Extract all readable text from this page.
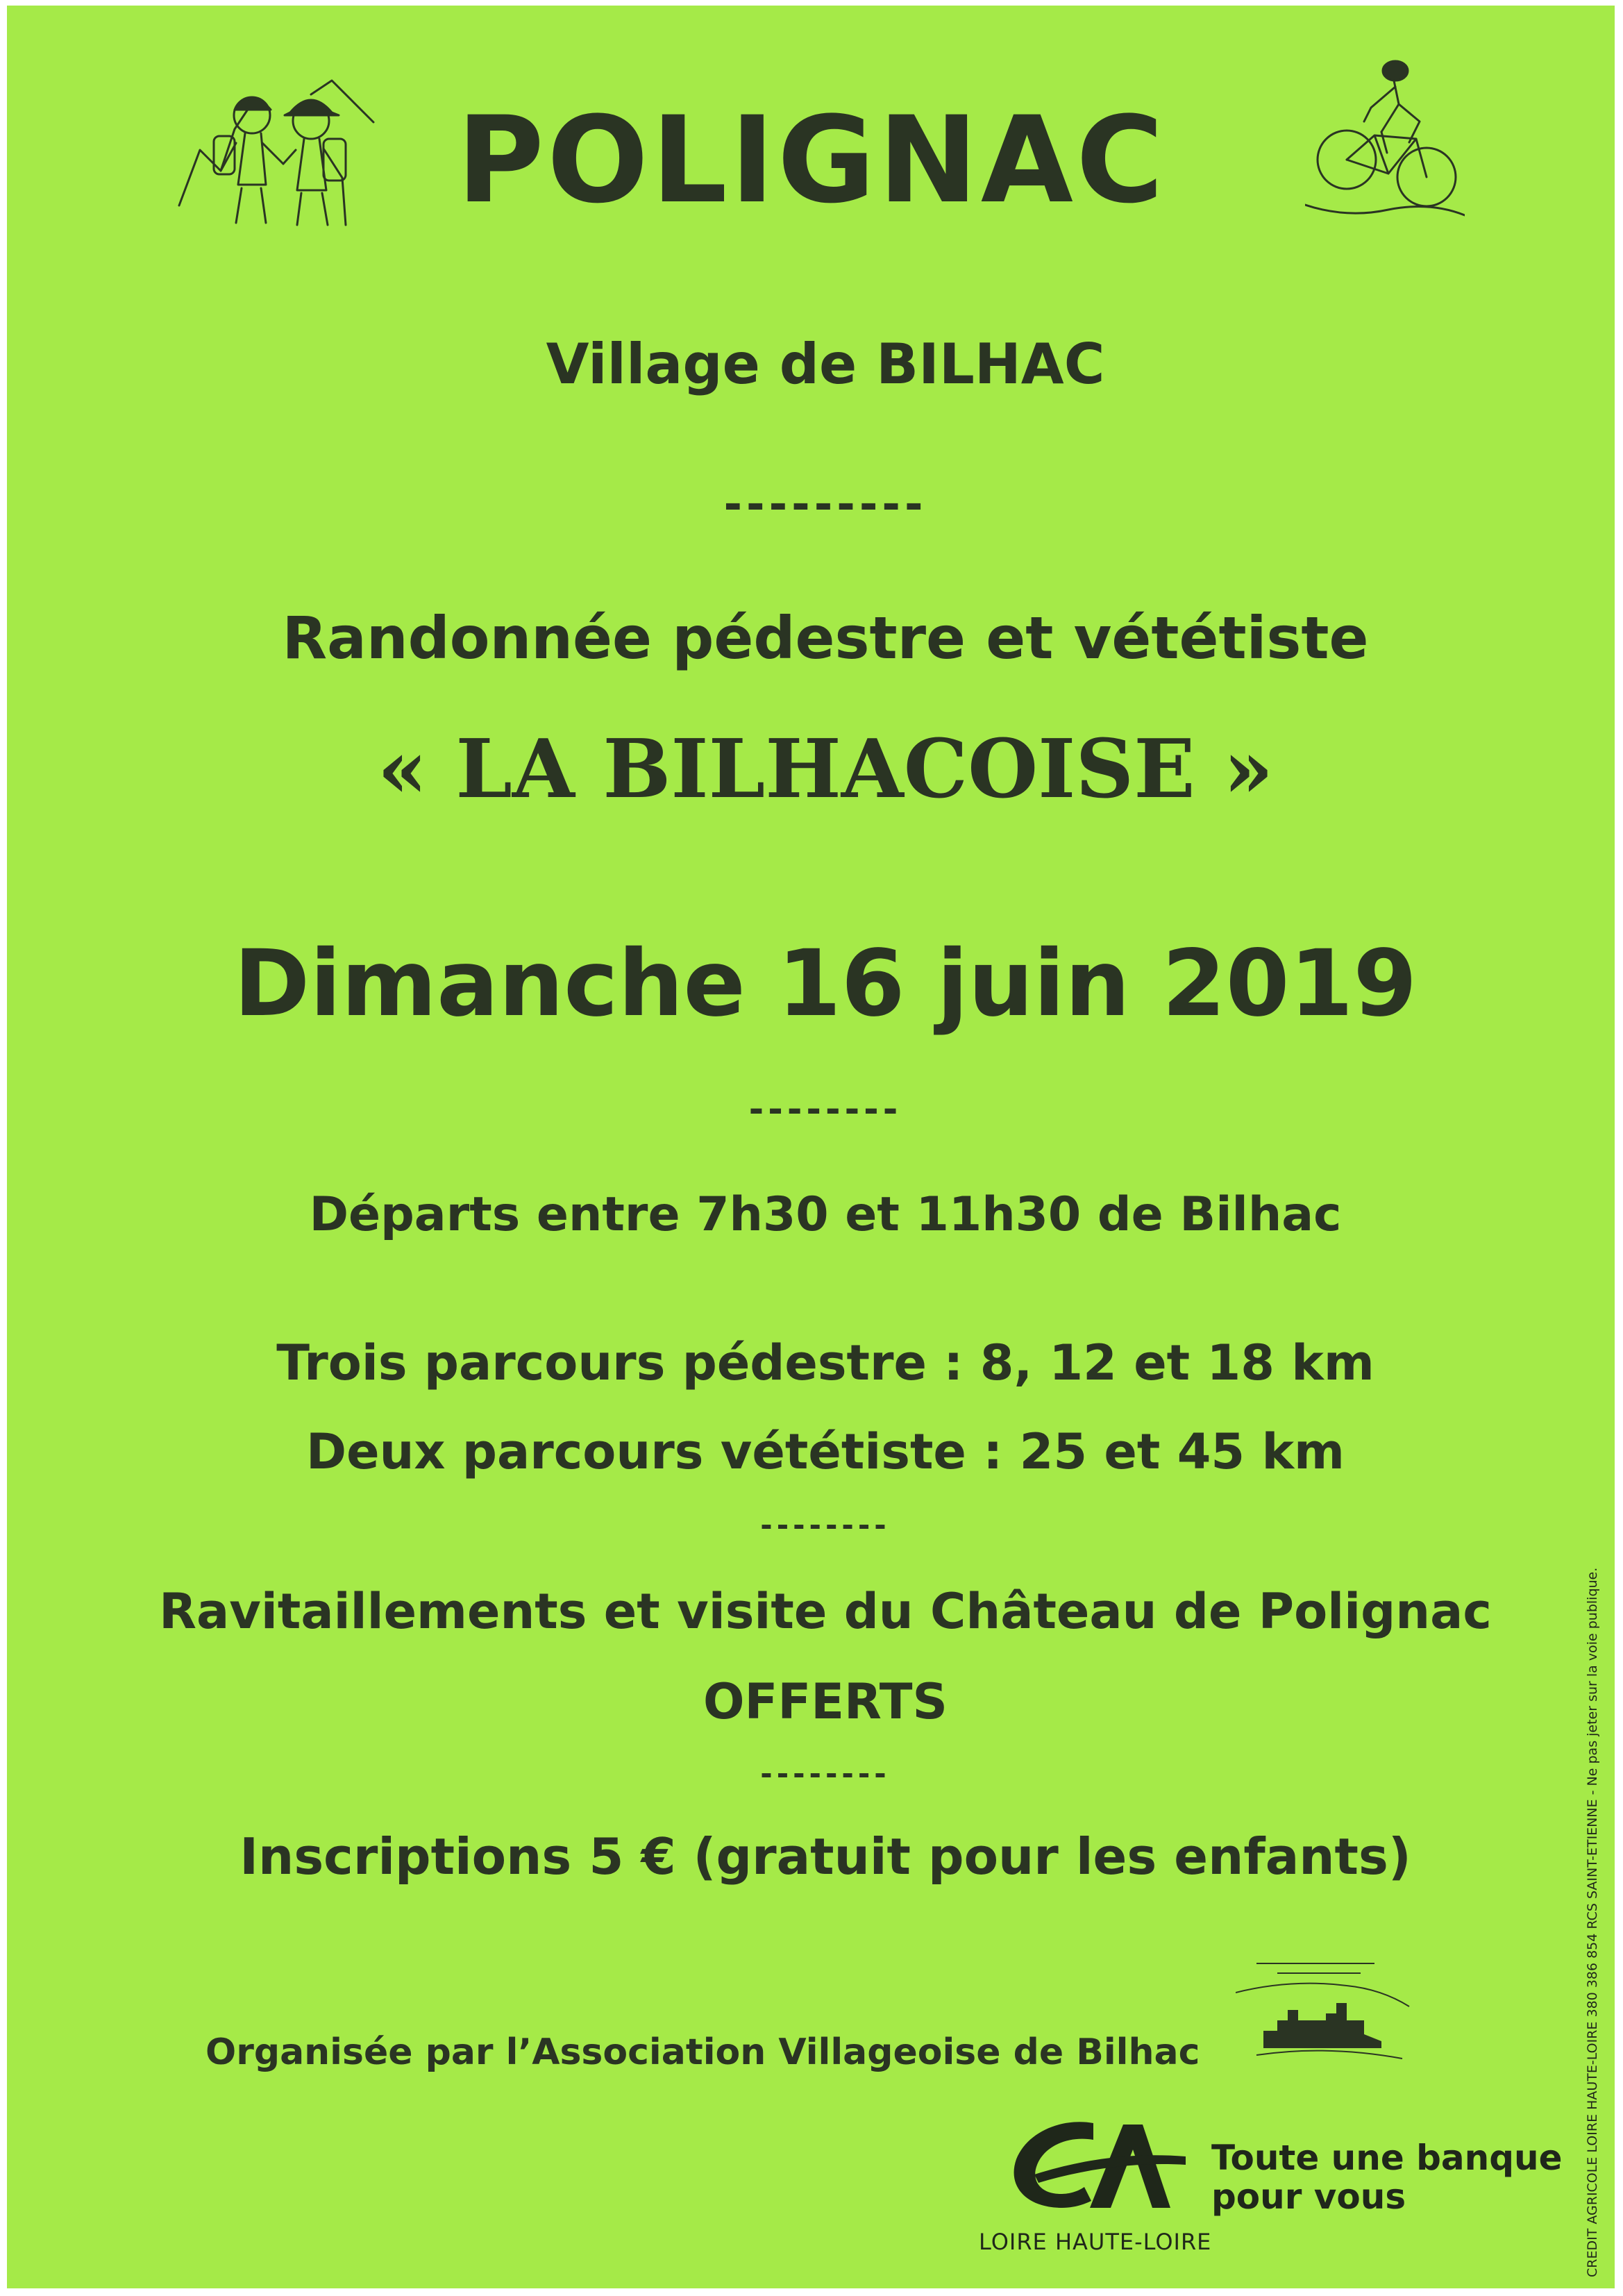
POLIGNAC
Village de BILHAC
---------
Randonnée pédestre et vététiste
« LA BILHACOISE »
Dimanche 16 juin 2019
--------
Départs entre 7h30 et 11h30 de Bilhac
Trois parcours pédestre : 8, 12 et 18 km
Deux parcours vététiste : 25 et 45 km
--------
Ravitaillements et visite du Château de Polignac
OFFERTS
--------
Inscriptions 5 € (gratuit pour les enfants)
Organisée par l’Association Villageoise de Bilhac
LOIRE HAUTE-LOIRE
Toute une banque
pour vous	CREDIT AGRICOLE LOIRE HAUTE-LOIRE 380 386 854 RCS SAINT-ETIENNE - Ne pas jeter sur la voie publique.
